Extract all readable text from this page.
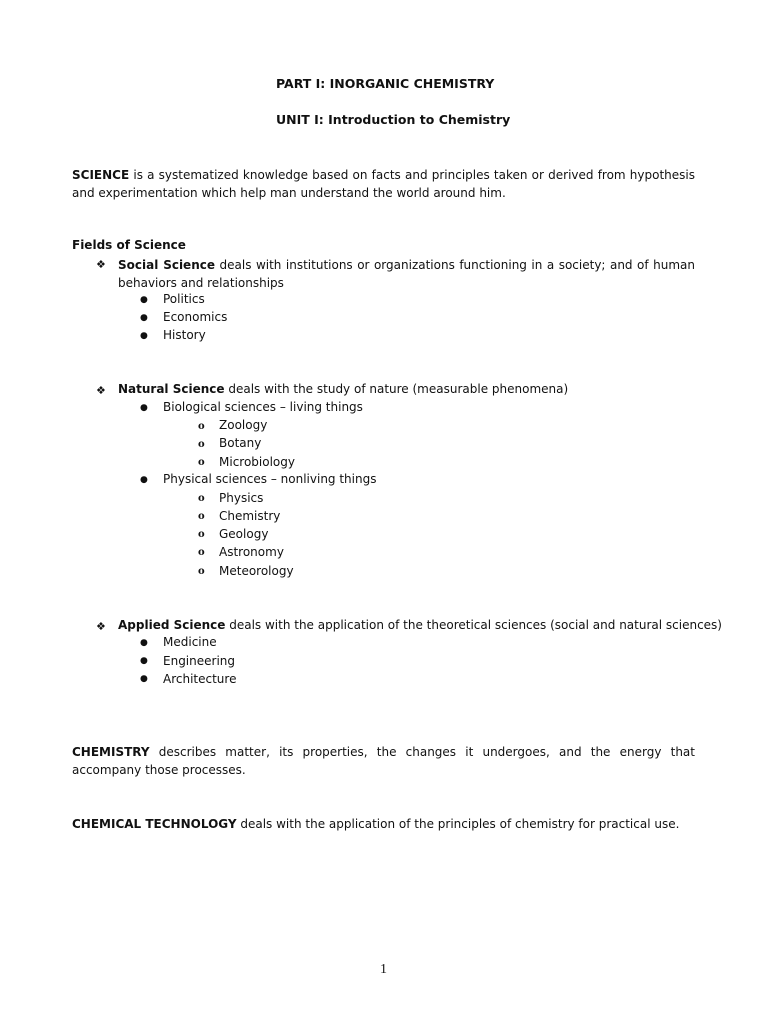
PART I: INORGANIC CHEMISTRY
UNIT I: Introduction to Chemistry
SCIENCE is a systematized knowledge based on facts and principles taken or derived from hypothesis and experimentation which help man understand the world around him.
Fields of Science
❖ Social Science deals with institutions or organizations functioning in a society; and of human behaviors and relationships
● Politics
● Economics
● History
❖ Natural Science deals with the study of nature (measurable phenomena)
● Biological sciences – living things
o Zoology
o Botany
o Microbiology
● Physical sciences – nonliving things
o Physics
o Chemistry
o Geology
o Astronomy
o Meteorology
❖ Applied Science deals with the application of the theoretical sciences (social and natural sciences)
● Medicine
● Engineering
● Architecture
CHEMISTRY describes matter, its properties, the changes it undergoes, and the energy that accompany those processes.
CHEMICAL TECHNOLOGY deals with the application of the principles of chemistry for practical use.
1
